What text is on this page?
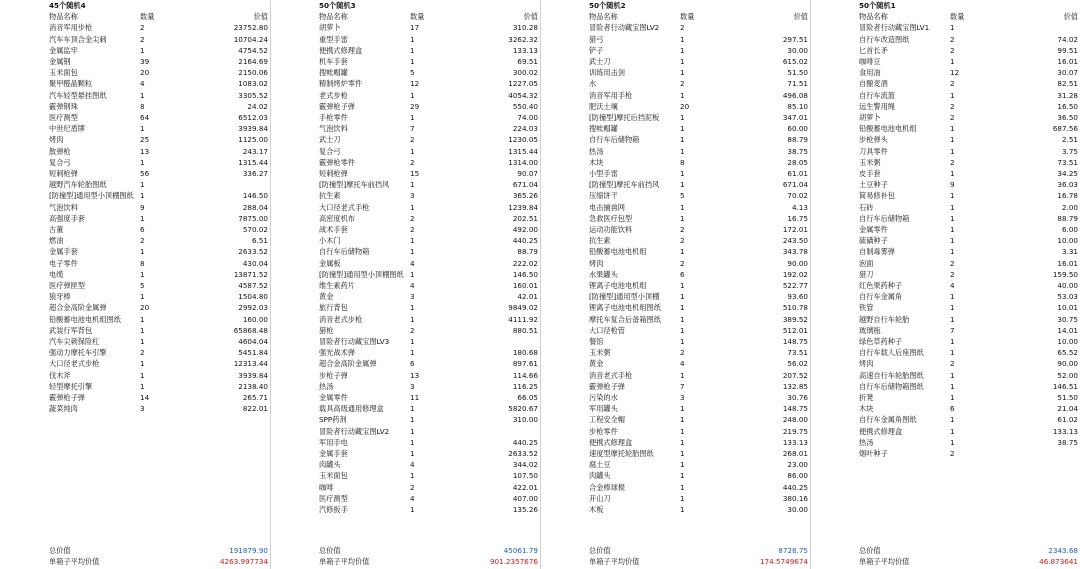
45个随机4
物品名称	数量	价值
消音军用步枪	2	23752.80
汽车车顶合金尖刺	2	10704.24
金属监牢	1	4754.52
金属钢	39	2164.69
玉米面包	20	2150.06
聚甲醛晶颗粒	4	1083.02
汽车轻型悬挂图纸	1	3305.52
霰弹钢珠	8	24.02
医疗测型	64	6512.03
中世纪盾牌	1	3939.84
烤肉	25	1125.00
散弹枪	13	243.17
复合弓	1	1315.44
短刺枪弹	56	336.27
越野汽车轮胎图纸	1
[防撞型]通用型小顶棚图纸 1	146.50
气泡饮料	9	288.04
高强度手套	1	7875.00
古董	6	570.02
燃油	2	6.51
金属手套	1	2633.52
电子零件	8	430.04
电缆	1	13871.52
医疗弹匣型	5	4587.52
狼牙棒	1	1504.80
超合金高阶金属弹	20	2992.03
铅酸蓄电池电机组图纸	1	160.00
武装行军背包	1	65868.48
汽车尖刺保险杠	1	4604.04
强动力摩托车引擎	2	5451.84
大口径老式步枪	1	12313.44
伐木斧	1	3939.84
轻型摩托引擎	1	2138.40
霰弹枪子弹	14	265.71
蔬菜炖肉	3	822.01
总价值	191879.90
单箱子平均价值	4263.997734
50个随机3
物品名称	数量	价值
胡萝卜	17	310.28
重型手雷	1	3262.32
便携式修理盒	1	133.13
机车手套	1	69.51
搜帐帽罐	5	300.02
精制烤炉零件	12	1227.05
老式步枪	1	4054.32
霰弹枪子弹	29	550.40
手枪零件	1	74.00
气泡饮料	7	224.03
武士刀	2	1230.05
复合弓	1	1315.44
霰弹枪零件	2	1314.00
短刺枪弹	15	90.07
[防撞型]摩托车前挡风	1	671.04
抗生素	3	365.26
大口径老式手枪	1	1239.84
高密度机布	2	202.51
战术手套	2	492.00
小木门	1	440.25
自行车后储物箱	1	88.79
金属板	4	222.02
[防撞型]通用型小顶棚图纸 1	146.50
维生素药片	4	160.01
黄金	3	42.01
旅行背包	1	9849.02
消音老式步枪	1	4111.92
猎枪	2	880.51
冒险者行动藏宝图LV3	1
强光战术弹	1	180.68
超合金高阶金属弹	6	897.61
步枪子弹	13	114.66
热汤	3	116.25
金属零件	11	66.05
载具高级通用修理盒	1	5820.67
SPP药剂	1	310.00
冒险者行动藏宝图LV2	1
军用手电	1	440.25
金属手套	1	2633.52
肉罐头	4	344.02
玉米面包	1	107.50
咖啡	2	422.01
医疗测型	4	407.00
汽修扳手	1	135.26
总价值	45061.79
单箱子平均价值	901.2357676
50个随机2
物品名称	数量	价值
冒险者行动藏宝图LV2	2
猎弓	1	297.51
铲子	1	30.00
武士刀	1	615.02
训练用击剑	1	51.50
水	2	71.51
消音军用手枪	1	496.08
肥沃土壤	20	85.10
[防撞型]摩托后挡泥板	1	347.01
搜帐帽罐	1	60.00
自行车后储物箱	1	88.79
热汤	1	38.75
木块	8	28.05
小型手雷	1	61.01
[防撞型]摩托车前挡风	1	671.04
压缩饼干	5	70.02
电击捕兽网	1	4.13
急救医疗包型	1	16.75
运动功能饮料	2	172.01
抗生素	2	243.50
铅酸蓄电池电机组	1	343.78
烤肉	2	90.00
水果罐头	6	192.02
锂离子电池电机组	1	522.77
[防撞型]通用型小顶棚	1	93.60
锂离子电池电机组图纸	1	510.78
摩托车复合后备箱图纸	1	389.52
大口径枪管	1	512.01
餐馆	1	148.75
玉米粥	2	73.51
黄金	4	56.02
消音老式手枪	1	207.52
霰弹枪子弹	7	132.85
污染的水	3	30.76
军用罐头	1	148.75
工程安全帽	1	248.00
步枪零件	1	219.75
便携式修理盒	1	133.13
速度型摩托轮胎图纸	1	268.01
腐土豆	1	23.00
肉罐头	1	86.00
合金棒球棍	1	440.25
开山刀	1	380.16
木板	1	30.00
总价值	8728.75
单箱子平均价值	174.5749674
50个随机1
物品名称	数量	价值
冒险者行动藏宝图LV1	1
自行车改造图纸	2	74.02
匕首长矛	2	99.51
咖啡豆	1	16.01
食用油	12	30.07
自酿麦酒	2	82.51
自行车流篮	1	31.28
远生警用绳	2	16.50
胡萝卜	2	36.50
铅酸蓄电池电机组	1	687.56
步枪弹头	1	2.51
刀具零件	1	3.75
玉米粥	2	73.51
皮手套	1	34.25
土豆种子	9	36.03
简易修补包	1	16.78
石砖	1	2.00
自行车后储物箱	1	88.79
金属零件	1	6.00
硫磺种子	1	10.00
自制毒雾弹	1	3.31
泡面	2	16.01
猎刀	2	159.50
红色果药种子	4	40.00
自行车金属角	1	53.03
铁管	1	10.01
越野自行车轮胎	1	30.75
玻璃瓶	7	14.01
绿色草药种子	1	10.00
自行车载人后座图纸	1	65.52
烤肉	2	90.00
高速自行车轮胎图纸	1	52.00
自行车后储物箱图纸	1	146.51
折凳	1	51.50
木块	6	21.04
自行车金属角图纸	1	61.02
便携式修理盒	1	133.13
热汤	1	38.75
烟叶种子	2
总价值	2343.68
单箱子平均价值	46.873641
